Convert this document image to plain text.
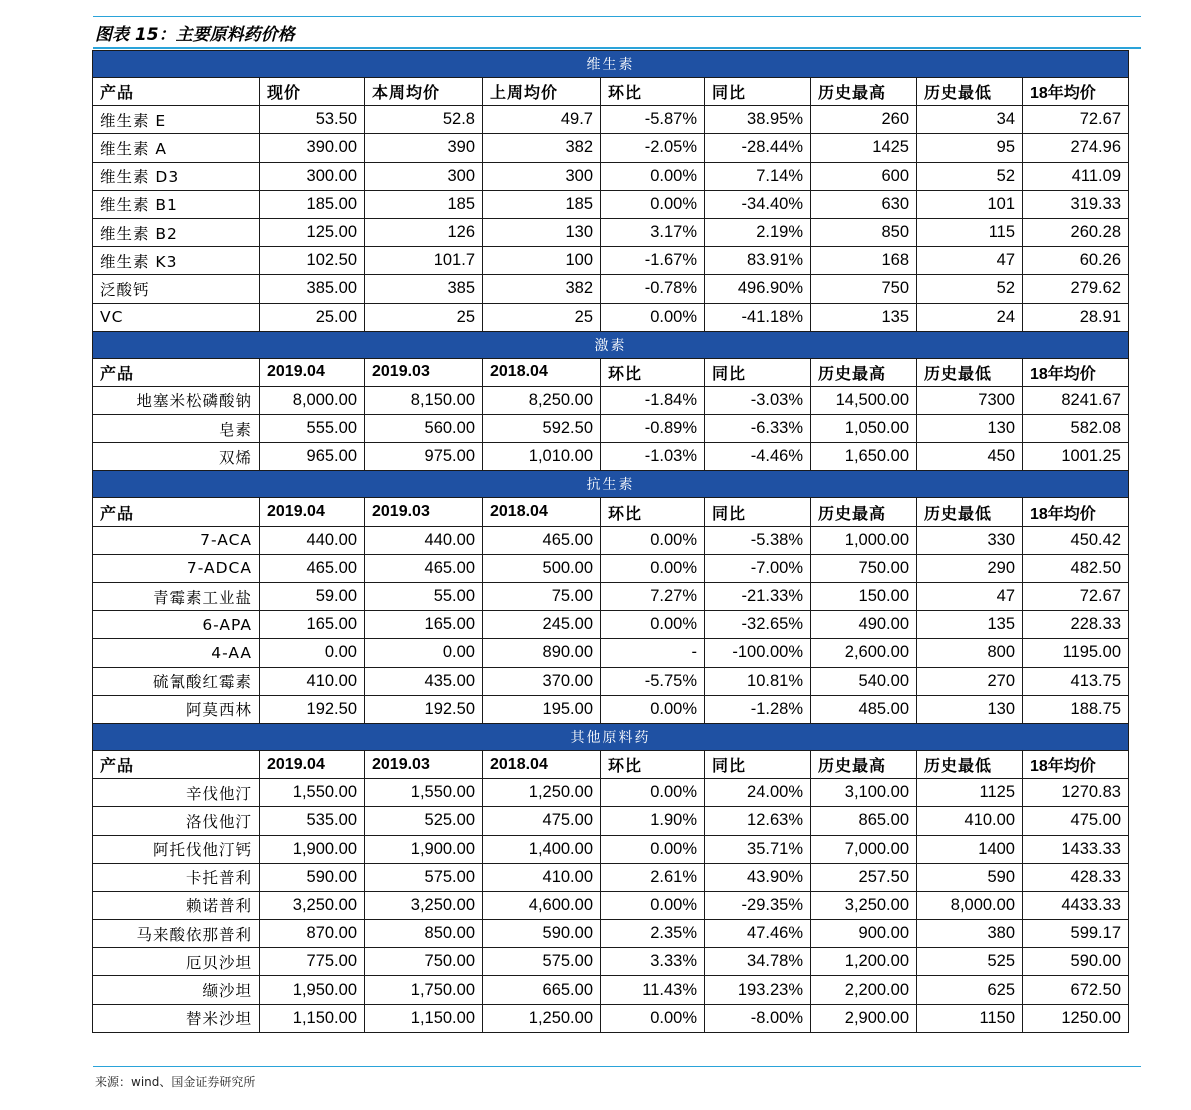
图表 15：主要原料药价格
维生素								
产品	现价	本周均价	上周均价	环比	同比	历史最高	历史最低	18年均价
维生素 E	53.50	52.8	49.7	-5.87%	38.95%	260	34	72.67
维生素 A	390.00	390	382	-2.05%	-28.44%	1425	95	274.96
维生素 D3	300.00	300	300	0.00%	7.14%	600	52	411.09
维生素 B1	185.00	185	185	0.00%	-34.40%	630	101	319.33
维生素 B2	125.00	126	130	3.17%	2.19%	850	115	260.28
维生素 K3	102.50	101.7	100	-1.67%	83.91%	168	47	60.26
泛酸钙	385.00	385	382	-0.78%	496.90%	750	52	279.62
VC	25.00	25	25	0.00%	-41.18%	135	24	28.91
激素								
产品	2019.04	2019.03	2018.04	环比	同比	历史最高	历史最低	18年均价
地塞米松磷酸钠	8,000.00	8,150.00	8,250.00	-1.84%	-3.03%	14,500.00	7300	8241.67
皂素	555.00	560.00	592.50	-0.89%	-6.33%	1,050.00	130	582.08
双烯	965.00	975.00	1,010.00	-1.03%	-4.46%	1,650.00	450	1001.25
抗生素								
产品	2019.04	2019.03	2018.04	环比	同比	历史最高	历史最低	18年均价
7-ACA	440.00	440.00	465.00	0.00%	-5.38%	1,000.00	330	450.42
7-ADCA	465.00	465.00	500.00	0.00%	-7.00%	750.00	290	482.50
青霉素工业盐	59.00	55.00	75.00	7.27%	-21.33%	150.00	47	72.67
6-APA	165.00	165.00	245.00	0.00%	-32.65%	490.00	135	228.33
4-AA	0.00	0.00	890.00	-	-100.00%	2,600.00	800	1195.00
硫氰酸红霉素	410.00	435.00	370.00	-5.75%	10.81%	540.00	270	413.75
阿莫西林	192.50	192.50	195.00	0.00%	-1.28%	485.00	130	188.75
其他原料药								
产品	2019.04	2019.03	2018.04	环比	同比	历史最高	历史最低	18年均价
辛伐他汀	1,550.00	1,550.00	1,250.00	0.00%	24.00%	3,100.00	1125	1270.83
洛伐他汀	535.00	525.00	475.00	1.90%	12.63%	865.00	410.00	475.00
阿托伐他汀钙	1,900.00	1,900.00	1,400.00	0.00%	35.71%	7,000.00	1400	1433.33
卡托普利	590.00	575.00	410.00	2.61%	43.90%	257.50	590	428.33
赖诺普利	3,250.00	3,250.00	4,600.00	0.00%	-29.35%	3,250.00	8,000.00	4433.33
马来酸依那普利	870.00	850.00	590.00	2.35%	47.46%	900.00	380	599.17
厄贝沙坦	775.00	750.00	575.00	3.33%	34.78%	1,200.00	525	590.00
缬沙坦	1,950.00	1,750.00	665.00	11.43%	193.23%	2,200.00	625	672.50
替米沙坦	1,150.00	1,150.00	1,250.00	0.00%	-8.00%	2,900.00	1150	1250.00
来源：wind、国金证券研究所
